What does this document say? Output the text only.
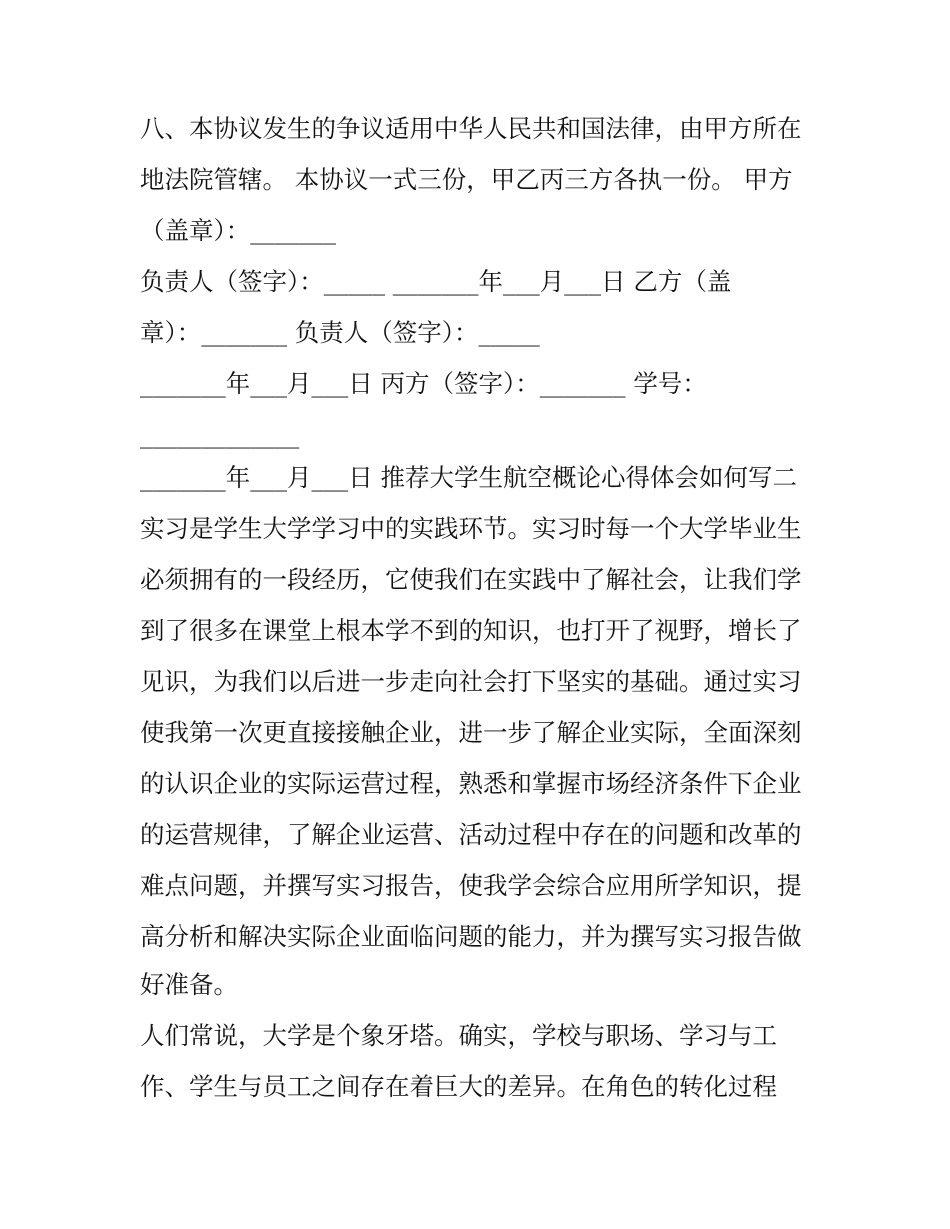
八、本协议发生的争议适用中华人民共和国法律，由甲方所在
地法院管辖。 本协议一式三份，甲乙丙三方各执一份。 甲方
（盖章）：_______
负责人（签字）：_____ _______年___月___日 乙方（盖
章）：_______ 负责人（签字）：_____
_______年___月___日 丙方（签字）：_______ 学号：
_____________
_______年___月___日 推荐大学生航空概论心得体会如何写二
实习是学生大学学习中的实践环节。实习时每一个大学毕业生
必须拥有的一段经历，它使我们在实践中了解社会，让我们学
到了很多在课堂上根本学不到的知识，也打开了视野，增长了
见识，为我们以后进一步走向社会打下坚实的基础。通过实习
使我第一次更直接接触企业，进一步了解企业实际，全面深刻
的认识企业的实际运营过程，熟悉和掌握市场经济条件下企业
的运营规律，了解企业运营、活动过程中存在的问题和改革的
难点问题，并撰写实习报告，使我学会综合应用所学知识，提
高分析和解决实际企业面临问题的能力，并为撰写实习报告做
好准备。
人们常说，大学是个象牙塔。确实，学校与职场、学习与工
作、学生与员工之间存在着巨大的差异。在角色的转化过程
